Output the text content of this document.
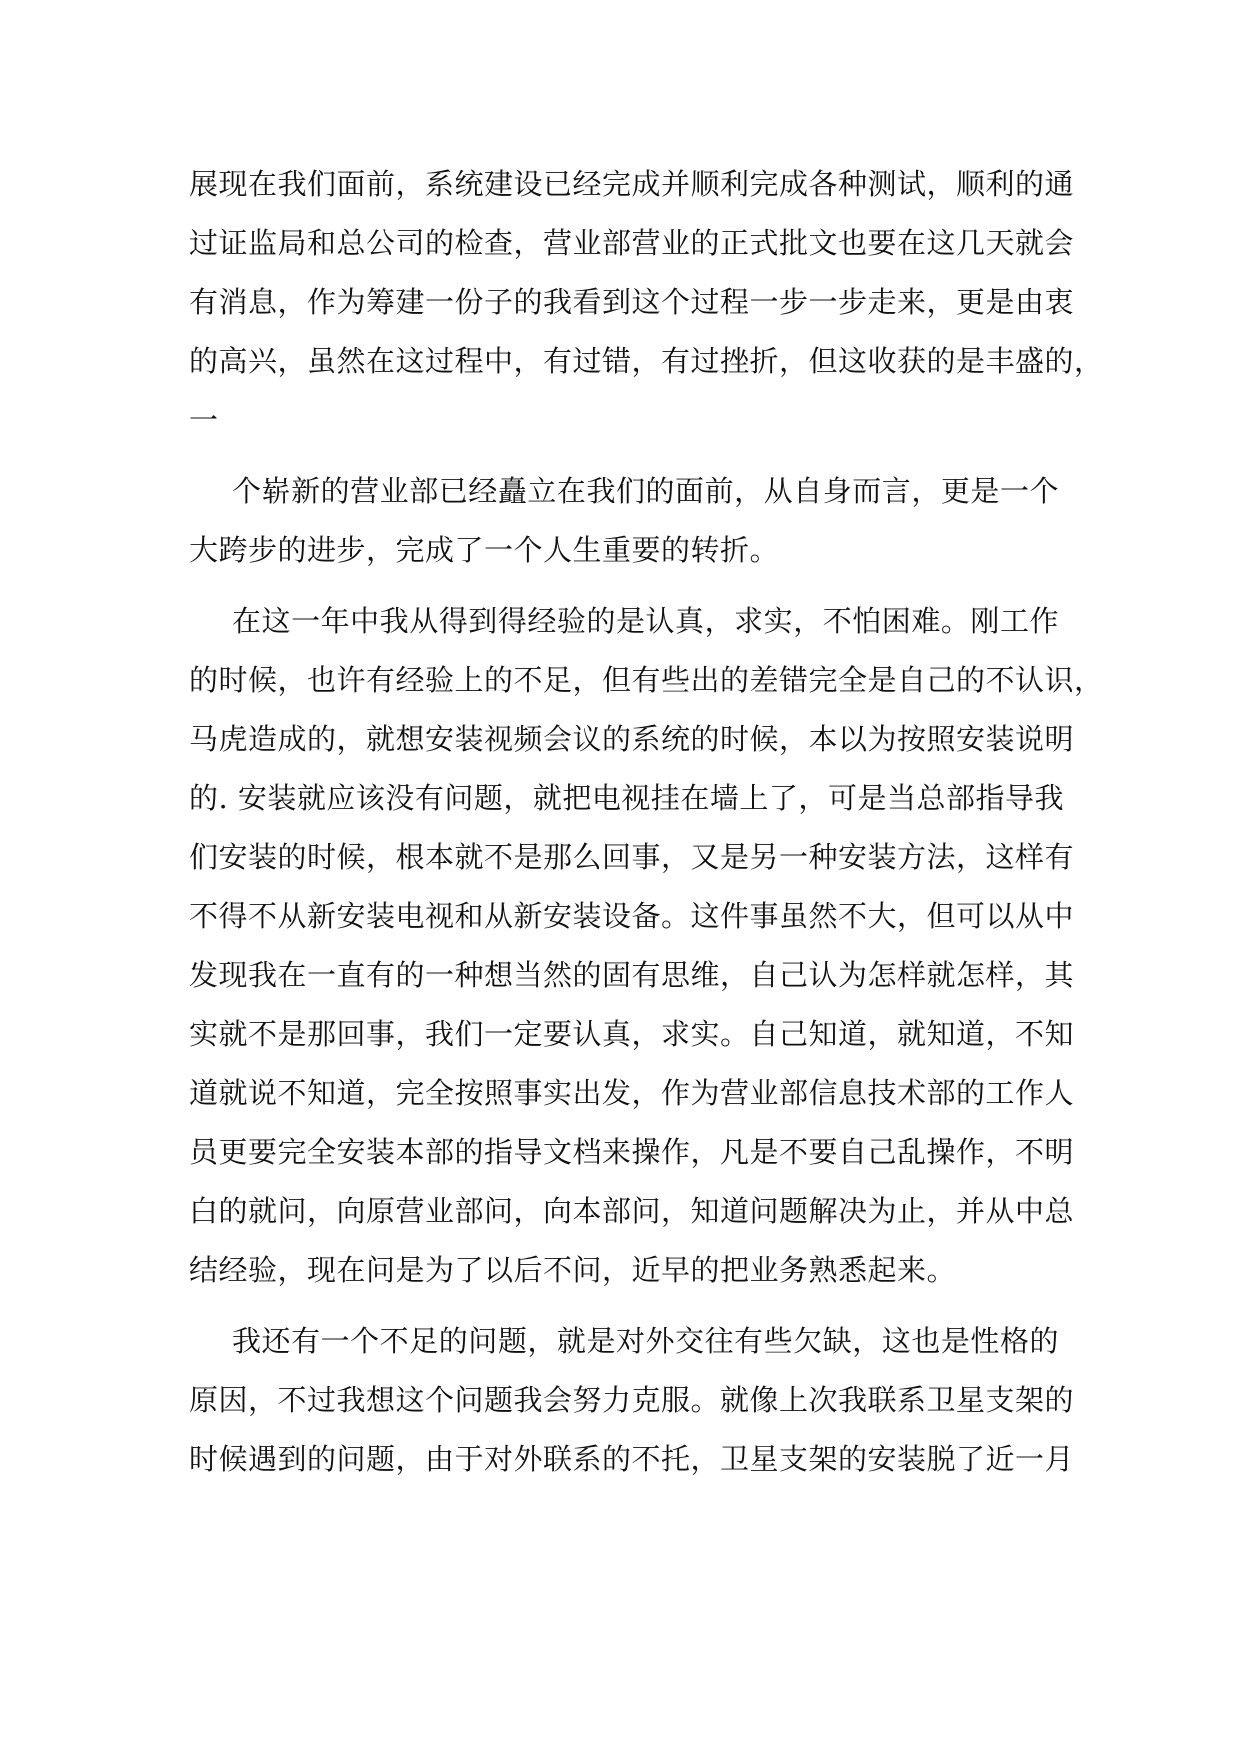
展现在我们面前，系统建设已经完成并顺利完成各种测试，顺利的通
过证监局和总公司的检查，营业部营业的正式批文也要在这几天就会
有消息，作为筹建一份子的我看到这个过程一步一步走来，更是由衷
的高兴，虽然在这过程中，有过错，有过挫折，但这收获的是丰盛的，
一
个崭新的营业部已经矗立在我们的面前，从自身而言，更是一个
大跨步的进步，完成了一个人生重要的转折。
在这一年中我从得到得经验的是认真，求实，不怕困难。刚工作
的时候，也许有经验上的不足，但有些出的差错完全是自己的不认识，
马虎造成的，就想安装视频会议的系统的时候，本以为按照安装说明
的. 安装就应该没有问题，就把电视挂在墙上了，可是当总部指导我
们安装的时候，根本就不是那么回事，又是另一种安装方法，这样有
不得不从新安装电视和从新安装设备。这件事虽然不大，但可以从中
发现我在一直有的一种想当然的固有思维，自己认为怎样就怎样，其
实就不是那回事，我们一定要认真，求实。自己知道，就知道，不知
道就说不知道，完全按照事实出发，作为营业部信息技术部的工作人
员更要完全安装本部的指导文档来操作，凡是不要自己乱操作，不明
白的就问，向原营业部问，向本部问，知道问题解决为止，并从中总
结经验，现在问是为了以后不问，近早的把业务熟悉起来。
我还有一个不足的问题，就是对外交往有些欠缺，这也是性格的
原因，不过我想这个问题我会努力克服。就像上次我联系卫星支架的
时候遇到的问题，由于对外联系的不托，卫星支架的安装脱了近一月
